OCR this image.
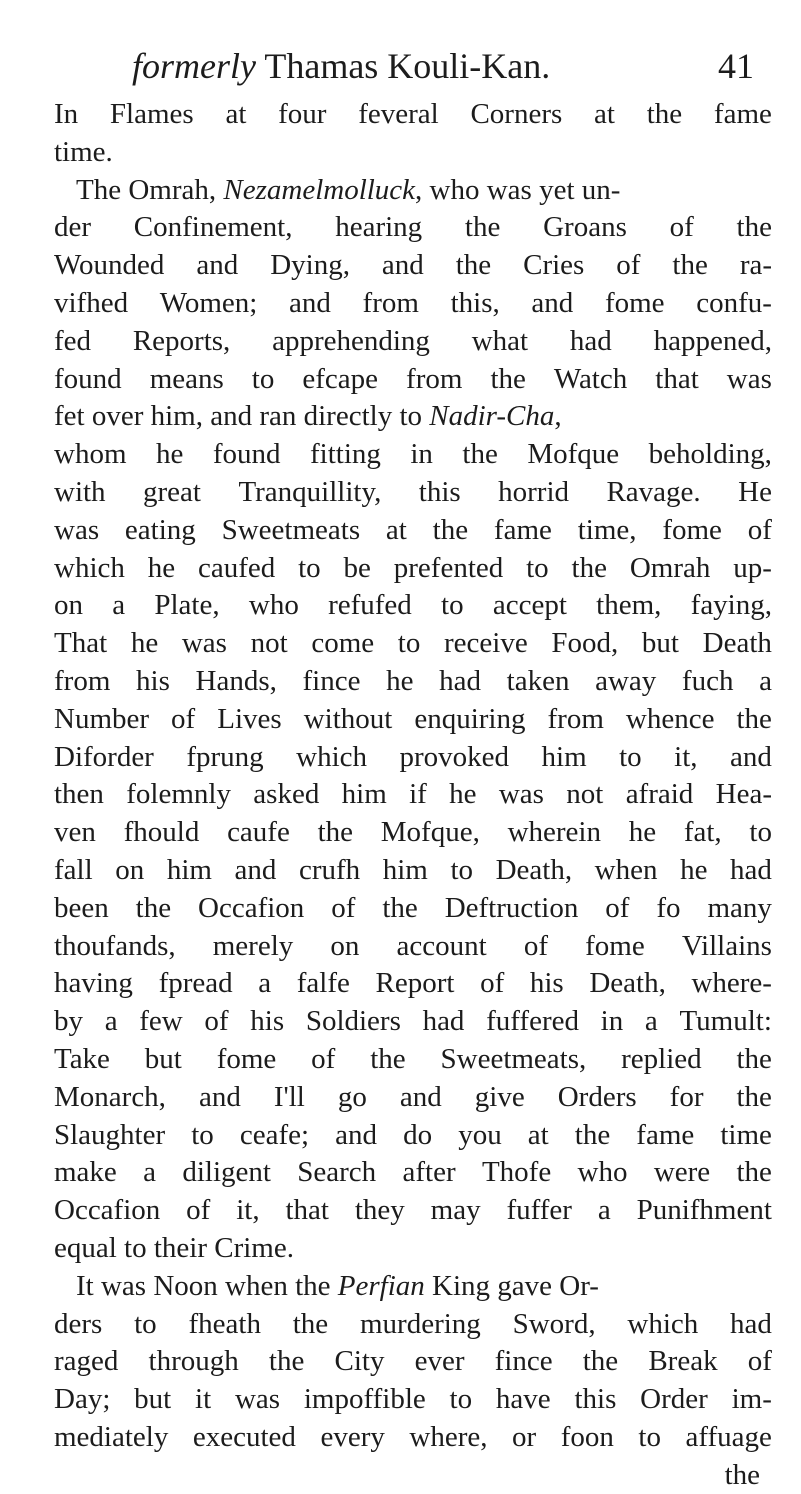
formerly Thamas Kouli-Kan.	41
In Flames at four feveral Corners at the fame
time.
The Omrah, Nezamelmolluck, who was yet un-
der Confinement, hearing the Groans of the
Wounded and Dying, and the Cries of the ra-
vifhed Women; and from this, and fome confu-
fed Reports, apprehending what had happened,
found means to efcape from the Watch that was
fet over him, and ran directly to Nadir-Cha,
whom he found fitting in the Mofque beholding,
with great Tranquillity, this horrid Ravage. He
was eating Sweetmeats at the fame time, fome of
which he caufed to be prefented to the Omrah up-
on a Plate, who refufed to accept them, faying,
That he was not come to receive Food, but Death
from his Hands, fince he had taken away fuch a
Number of Lives without enquiring from whence the
Diforder fprung which provoked him to it, and
then folemnly asked him if he was not afraid Hea-
ven fhould caufe the Mofque, wherein he fat, to
fall on him and crufh him to Death, when he had
been the Occafion of the Deftruction of fo many
thoufands, merely on account of fome Villains
having fpread a falfe Report of his Death, where-
by a few of his Soldiers had fuffered in a Tumult:
Take but fome of the Sweetmeats, replied the
Monarch, and I'll go and give Orders for the
Slaughter to ceafe; and do you at the fame time
make a diligent Search after Thofe who were the
Occafion of it, that they may fuffer a Punifhment
equal to their Crime.
It was Noon when the Perfian King gave Or-
ders to fheath the murdering Sword, which had
raged through the City ever fince the Break of
Day; but it was impoffible to have this Order im-
mediately executed every where, or foon to affuage
the
